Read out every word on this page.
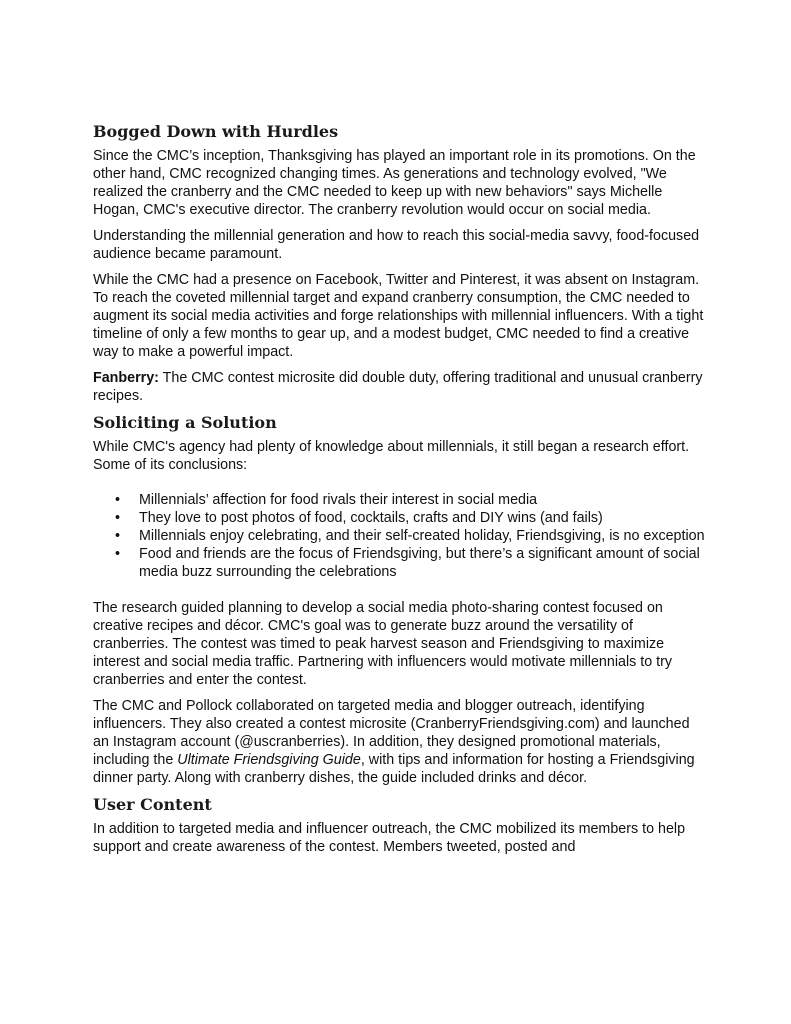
Bogged Down with Hurdles

Since the CMC’s inception, Thanksgiving has played an important role in its promotions. On the other hand, CMC recognized changing times. As generations and technology evolved, "We realized the cranberry and the CMC needed to keep up with new behaviors" says Michelle Hogan, CMC's executive director. The cranberry revolution would occur on social media.

Understanding the millennial generation and how to reach this social-media savvy, food-focused audience became paramount.

While the CMC had a presence on Facebook, Twitter and Pinterest, it was absent on Instagram. To reach the coveted millennial target and expand cranberry consumption, the CMC needed to augment its social media activities and forge relationships with millennial influencers. With a tight timeline of only a few months to gear up, and a modest budget, CMC needed to find a creative way to make a powerful impact.

Fanberry: The CMC contest microsite did double duty, offering traditional and unusual cranberry recipes.

Soliciting a Solution

While CMC's agency had plenty of knowledge about millennials, it still began a research effort. Some of its conclusions:

• Millennials’ affection for food rivals their interest in social media
• They love to post photos of food, cocktails, crafts and DIY wins (and fails)
• Millennials enjoy celebrating, and their self-created holiday, Friendsgiving, is no exception
• Food and friends are the focus of Friendsgiving, but there’s a significant amount of social media buzz surrounding the celebrations

The research guided planning to develop a social media photo-sharing contest focused on creative recipes and décor. CMC's goal was to generate buzz around the versatility of cranberries. The contest was timed to peak harvest season and Friendsgiving to maximize interest and social media traffic. Partnering with influencers would motivate millennials to try cranberries and enter the contest.

The CMC and Pollock collaborated on targeted media and blogger outreach, identifying influencers. They also created a contest microsite (CranberryFriendsgiving.com) and launched an Instagram account (@uscranberries). In addition, they designed promotional materials, including the Ultimate Friendsgiving Guide, with tips and information for hosting a Friendsgiving dinner party. Along with cranberry dishes, the guide included drinks and décor.

User Content

In addition to targeted media and influencer outreach, the CMC mobilized its members to help support and create awareness of the contest. Members tweeted, posted and
